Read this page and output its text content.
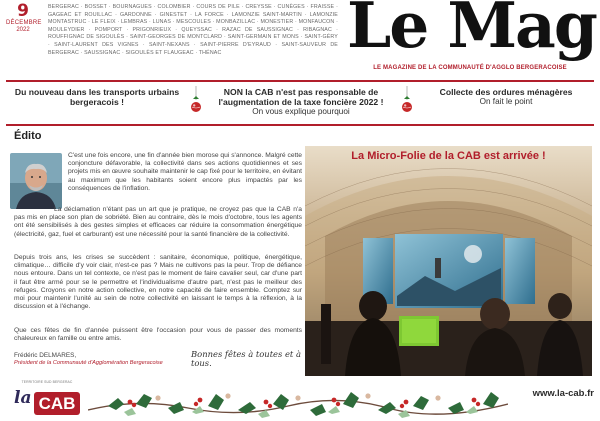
9
DÉCEMBRE
2022
BERGERAC · BOSSET · BOURNAGUES · COLOMBIER · COURS DE PILE · CREYSSE · CUNÈGES · FRAISSE · GAGEAC ET ROUILLAC · GARDONNE · GINESTET · LA FORCE · LAMONZIE SAINT-MARTIN · LAMONZIE MONTASTRUC · LE FLEIX · LEMBRAS · LUNAS · MESCOULES · MONBAZILLAC · MONESTIER · MONFAUCON · MOULEYDIER · POMPORT · PRIGONRIEUX · QUEYSSAC · RAZAC DE SAUSSIGNAC · RIBAGNAC · ROUFFIGNAC DE SIGOULÈS · SAINT-GEORGES DE MONTCLARD · SAINT-GERMAIN ET MONS · SAINT-GÉRY · SAINT-LAURENT DES VIGNES · SAINT-NEXANS · SAINT-PIERRE D'EYRAUD · SAINT-SAUVEUR DE BERGERAC · SAUSSIGNAC · SIGOULÈS ET FLAUGEAC · THÉNAC	Le Mag
LE MAGAZINE DE LA COMMUNAUTÉ D'AGGLO BERGERACOISE
Du nouveau dans les transports urbains bergeracois !
NON la CAB n'est pas responsable de l'augmentation de la taxe foncière 2022 !
On vous explique pourquoi
Collecte des ordures ménagères
On fait le point
Édito

C'est une fois encore, une fin d'année bien morose qui s'annonce. Malgré cette conjoncture défavorable, la collectivité dans ses actions quotidiennes et ses projets mis en œuvre souhaite maintenir le cap fixé pour le territoire, en évitant au maximum que les habitants soient encore plus impactés par les conséquences de l'inflation.

La déclamation n'étant pas un art que je pratique, ne croyez pas que la CAB n'a pas mis en place son plan de sobriété. Bien au contraire, dès le mois d'octobre, tous les agents ont été sensibilisés à des gestes simples et efficaces car réduire la consommation énergétique (électricité, gaz, fuel et carburant) est une nécessité pour la santé financière de la collectivité.

Depuis trois ans, les crises se succèdent : sanitaire, économique, politique, énergétique, climatique… difficile d'y voir clair, n'est-ce pas ? Mais ne cultivons pas la peur. Trop de défiance nous entoure. Dans un tel contexte, ce n'est pas le moment de faire cavalier seul, car d'une part il faut être armé pour se le permettre et l'individualisme d'autre part, n'est pas le meilleur des refuges. Croyons en notre action collective, en notre capacité de faire ensemble. Comptez sur moi pour maintenir l'unité au sein de notre collectivité en laissant le temps à la réflexion, à la discussion et à l'échange.

Que ces fêtes de fin d'année puissent être l'occasion pour vous de passer des moments chaleureux en famille ou entre amis.

Frédéric DELMARES,
Président de la Communauté d'Agglomération Bergeracoise
Bonnes fêtes à toutes et à tous.
La Micro-Folie de la CAB est arrivée !
TERRITOIRE SUD BERGERAC
la CAB
www.la-cab.fr
